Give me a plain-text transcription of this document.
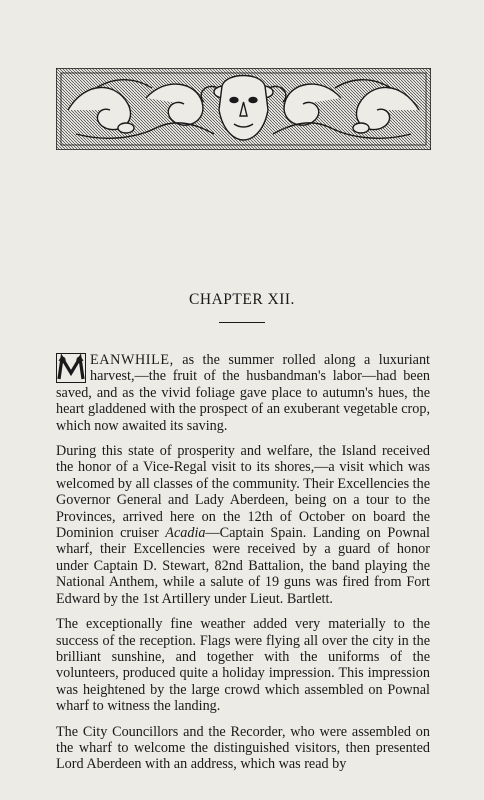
CHAPTER XII.

EANWHILE, as the summer rolled along a luxuriant harvest,—the fruit of the husbandman's labor—had been saved, and as the vivid foliage gave place to autumn's hues, the heart gladdened with the prospect of an exuberant vegetable crop, which now awaited its saving.

During this state of prosperity and welfare, the Island received the honor of a Vice-Regal visit to its shores,—a visit which was welcomed by all classes of the community. Their Excellencies the Governor General and Lady Aberdeen, being on a tour to the Provinces, arrived here on the 12th of October on board the Dominion cruiser Acadia—Captain Spain. Landing on Pownal wharf, their Excellencies were received by a guard of honor under Captain D. Stewart, 82nd Battalion, the band playing the National Anthem, while a salute of 19 guns was fired from Fort Edward by the 1st Artillery under Lieut. Bartlett.

The exceptionally fine weather added very materially to the success of the reception. Flags were flying all over the city in the brilliant sunshine, and together with the uniforms of the volunteers, produced quite a holiday impression. This impression was heightened by the large crowd which assembled on Pownal wharf to witness the landing.

The City Councillors and the Recorder, who were assembled on the wharf to welcome the distinguished visitors, then presented Lord Aberdeen with an address, which was read by
